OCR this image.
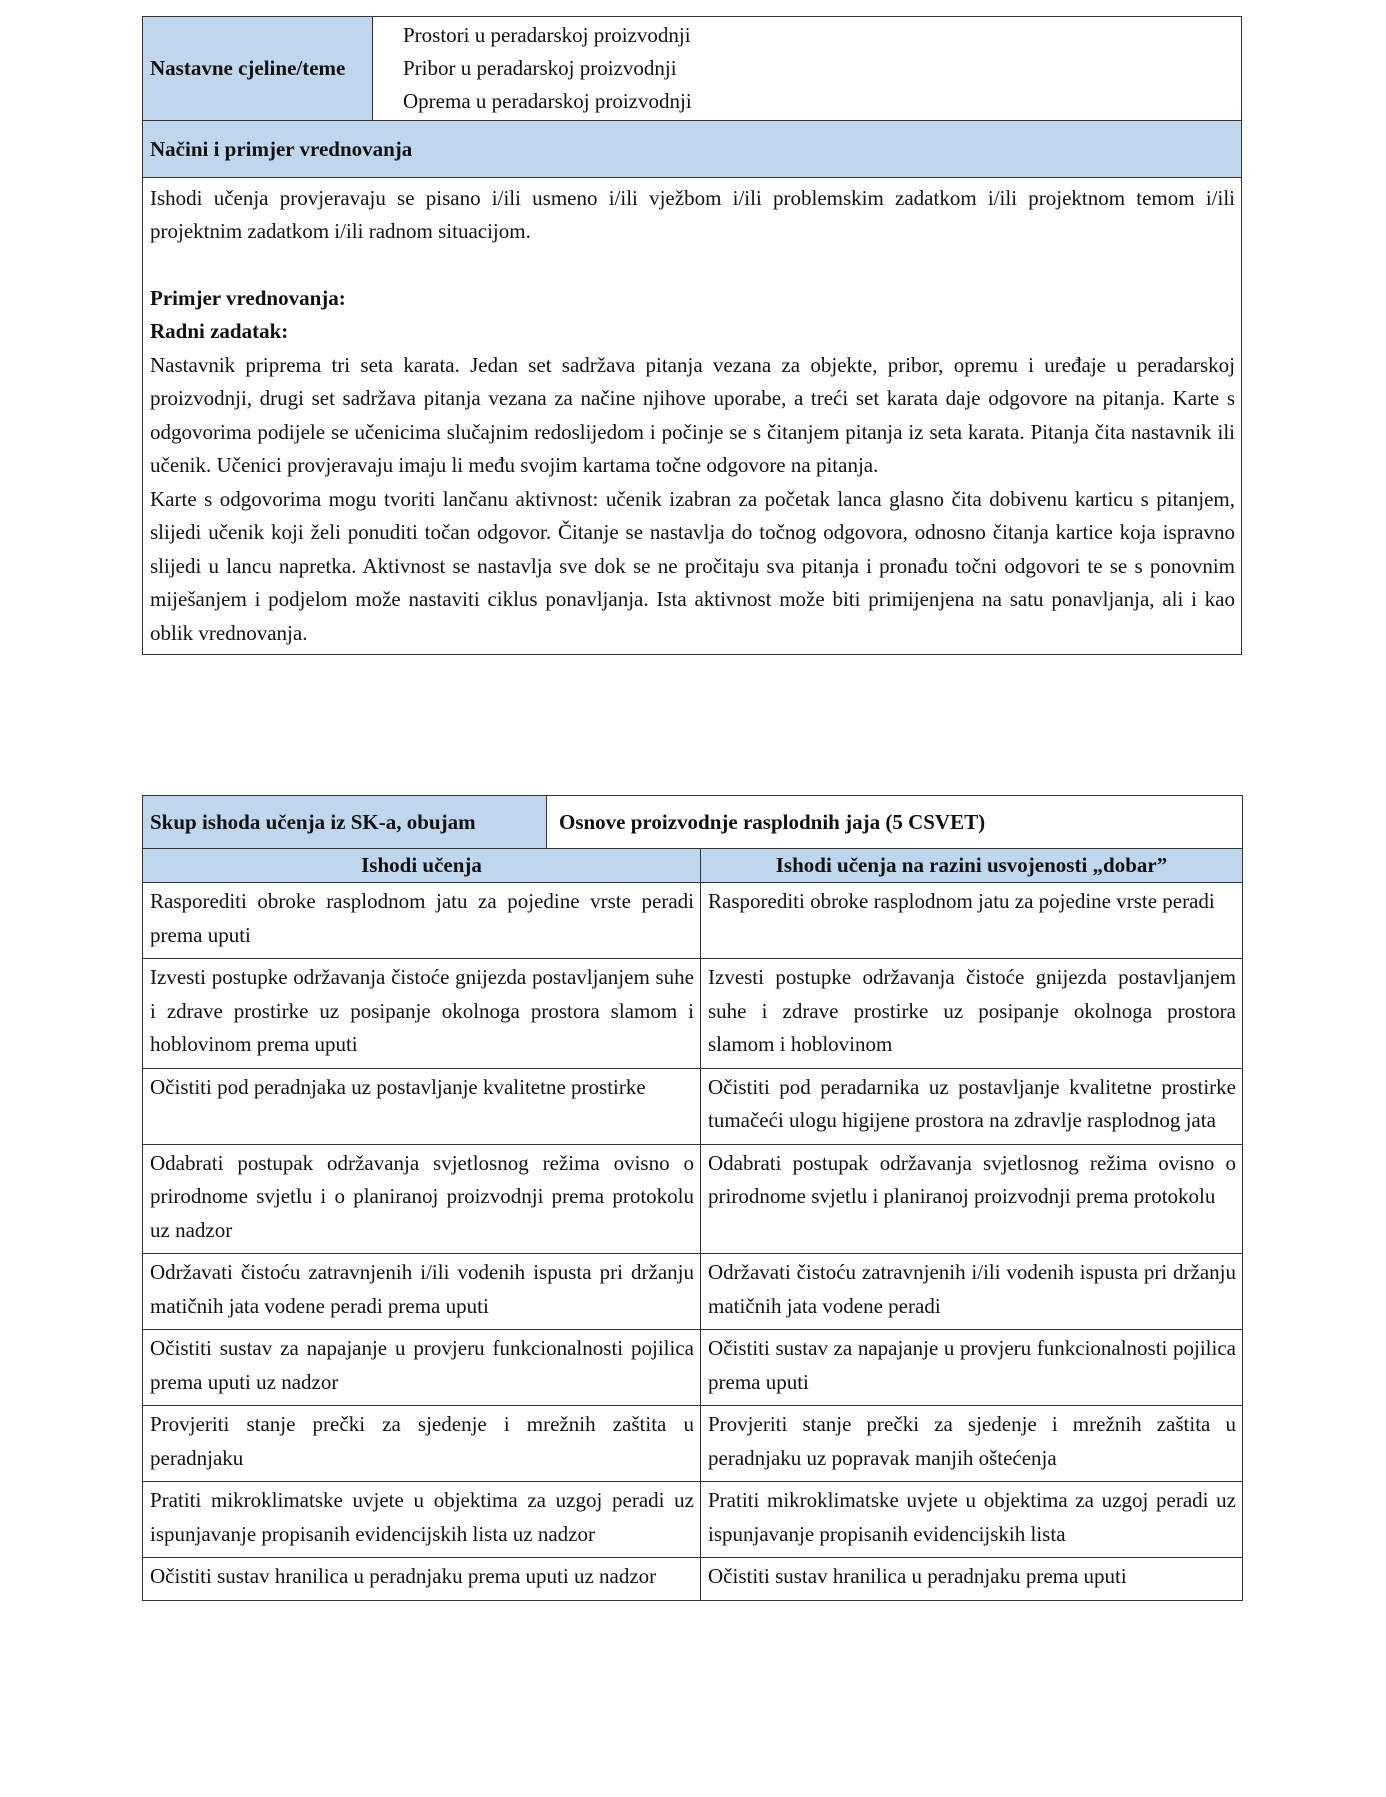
Nastavne cjeline/teme	
Prostori u peradarskoj proizvodnji
Pribor u peradarskoj proizvodnji
Oprema u peradarskoj proizvodnji

Načini i primjer vrednovanja

Ishodi učenja provjeravaju se pisano i/ili usmeno i/ili vježbom i/ili problemskim zadatkom i/ili projektnom temom i/ili projektnim zadatkom i/ili radnom situacijom.
Primjer vrednovanja:
Radni zadatak:
Nastavnik priprema tri seta karata. Jedan set sadržava pitanja vezana za objekte, pribor, opremu i uređaje u peradarskoj proizvodnji, drugi set sadržava pitanja vezana za načine njihove uporabe, a treći set karata daje odgovore na pitanja. Karte s odgovorima podijele se učenicima slučajnim redoslijedom i počinje se s čitanjem pitanja iz seta karata. Pitanja čita nastavnik ili učenik. Učenici provjeravaju imaju li među svojim kartama točne odgovore na pitanja.
Karte s odgovorima mogu tvoriti lančanu aktivnost: učenik izabran za početak lanca glasno čita dobivenu karticu s pitanjem, slijedi učenik koji želi ponuditi točan odgovor. Čitanje se nastavlja do točnog odgovora, odnosno čitanja kartice koja ispravno slijedi u lancu napretka. Aktivnost se nastavlja sve dok se ne pročitaju sva pitanja i pronađu točni odgovori te se s ponovnim miješanjem i podjelom može nastaviti ciklus ponavljanja. Ista aktivnost može biti primijenjena na satu ponavljanja, ali i kao oblik vrednovanja.
Skup ishoda učenja iz SK-a, obujam	Osnove proizvodnje rasplodnih jaja (5 CSVET)	
Ishodi učenja		Ishodi učenja na razini usvojenosti „dobar”
Rasporediti obroke rasplodnom jatu za pojedine vrste peradi prema uputi		Rasporediti obroke rasplodnom jatu za pojedine vrste peradi
Izvesti postupke održavanja čistoće gnijezda postavljanjem suhe i zdrave prostirke uz posipanje okolnoga prostora slamom i hoblovinom prema uputi		Izvesti postupke održavanja čistoće gnijezda postavljanjem suhe i zdrave prostirke uz posipanje okolnoga prostora slamom i hoblovinom
Očistiti pod peradnjaka uz postavljanje kvalitetne prostirke		Očistiti pod peradarnika uz postavljanje kvalitetne prostirke tumačeći ulogu higijene prostora na zdravlje rasplodnog jata
Odabrati postupak održavanja svjetlosnog režima ovisno o prirodnome svjetlu i o planiranoj proizvodnji prema protokolu uz nadzor		Odabrati postupak održavanja svjetlosnog režima ovisno o prirodnome svjetlu i planiranoj proizvodnji prema protokolu
Održavati čistoću zatravnjenih i/ili vodenih ispusta pri držanju matičnih jata vodene peradi prema uputi		Održavati čistoću zatravnjenih i/ili vodenih ispusta pri držanju matičnih jata vodene peradi
Očistiti sustav za napajanje u provjeru funkcionalnosti pojilica prema uputi uz nadzor		Očistiti sustav za napajanje u provjeru funkcionalnosti pojilica prema uputi
Provjeriti stanje prečki za sjedenje i mrežnih zaštita u peradnjaku		Provjeriti stanje prečki za sjedenje i mrežnih zaštita u peradnjaku uz popravak manjih oštećenja
Pratiti mikroklimatske uvjete u objektima za uzgoj peradi uz ispunjavanje propisanih evidencijskih lista uz nadzor		Pratiti mikroklimatske uvjete u objektima za uzgoj peradi uz ispunjavanje propisanih evidencijskih lista
Očistiti sustav hranilica u peradnjaku prema uputi uz nadzor		Očistiti sustav hranilica u peradnjaku prema uputi
